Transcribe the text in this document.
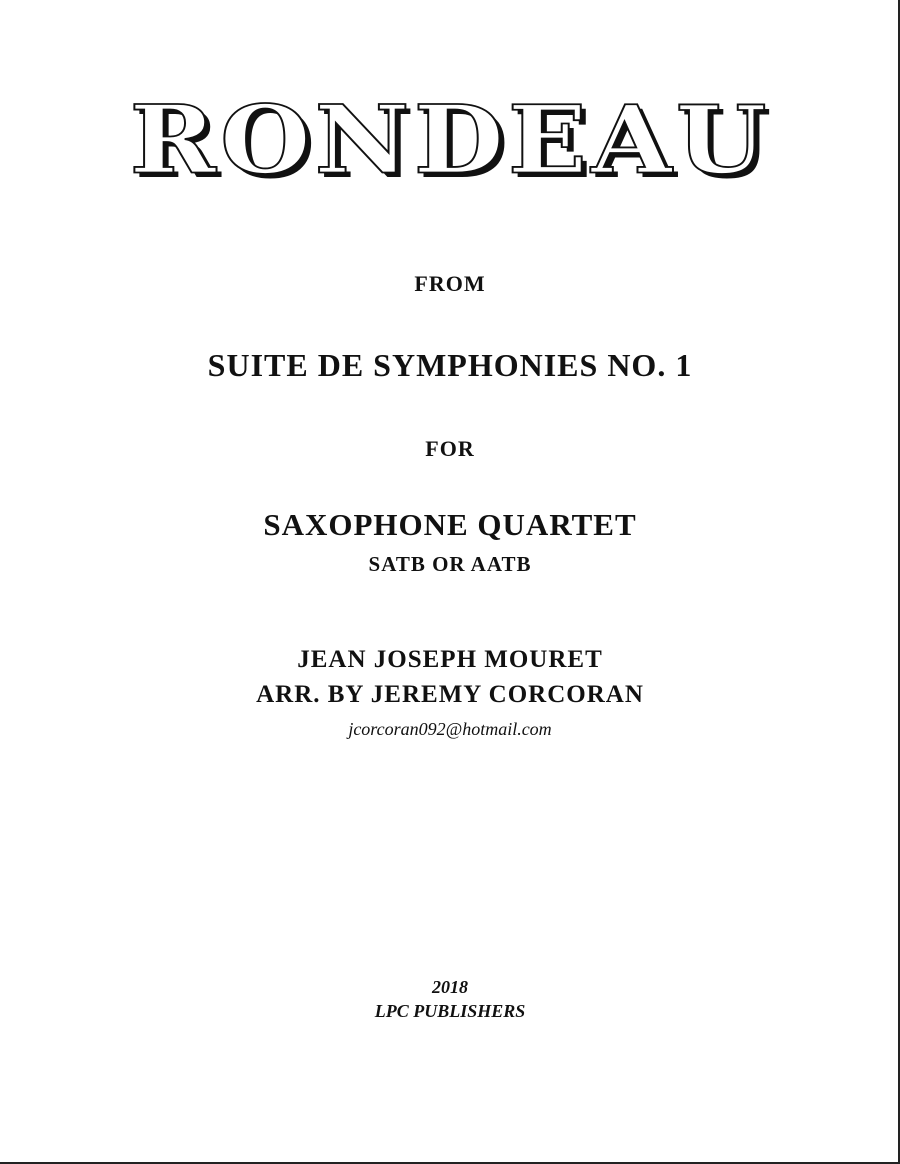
RONDEAU
FROM
SUITE DE SYMPHONIES NO. 1
FOR
SAXOPHONE QUARTET
SATB OR AATB
JEAN JOSEPH MOURET
ARR. BY JEREMY CORCORAN
jcorcoran092@hotmail.com
2018
LPC PUBLISHERS
